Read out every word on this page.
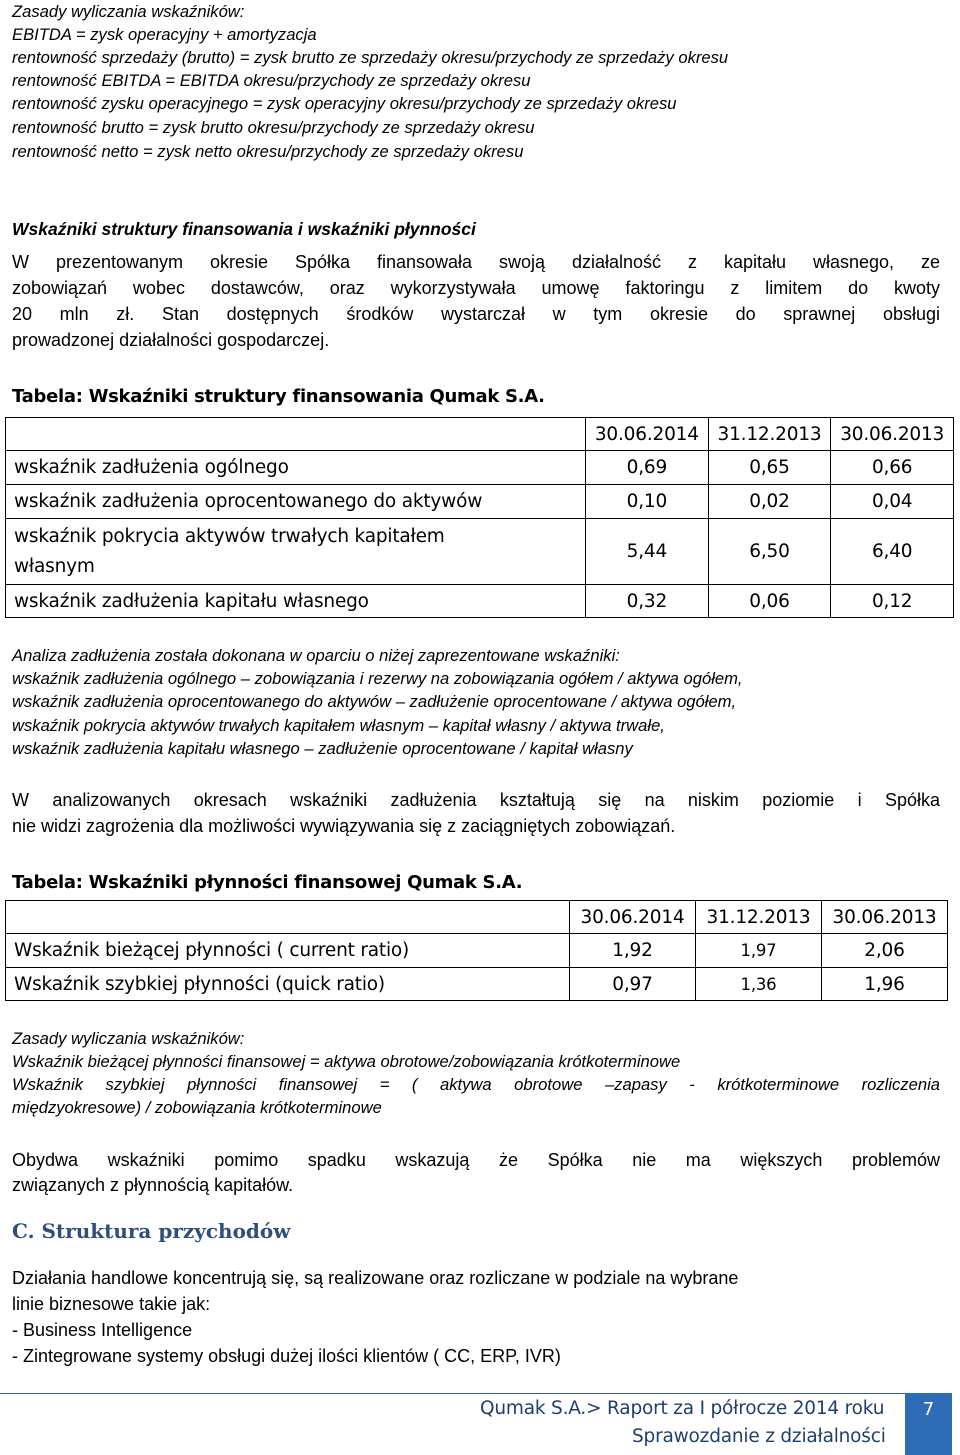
Zasady wyliczania wskaźników:
EBITDA = zysk operacyjny + amortyzacja
rentowność sprzedaży (brutto) = zysk brutto ze sprzedaży okresu/przychody ze sprzedaży okresu
rentowność EBITDA = EBITDA okresu/przychody ze sprzedaży okresu
rentowność zysku operacyjnego = zysk operacyjny okresu/przychody ze sprzedaży okresu
rentowność brutto = zysk brutto okresu/przychody ze sprzedaży okresu
rentowność netto = zysk netto okresu/przychody ze sprzedaży okresu
Wskaźniki struktury finansowania i wskaźniki płynności
W prezentowanym okresie Spółka finansowała swoją działalność z kapitału własnego, ze
zobowiązań wobec dostawców, oraz wykorzystywała umowę faktoringu z limitem do kwoty
20 mln zł. Stan dostępnych środków wystarczał w tym okresie do sprawnej obsługi
prowadzonej działalności gospodarczej.
Tabela: Wskaźniki struktury finansowania Qumak S.A.
	30.06.2014	31.12.2013	30.06.2013
wskaźnik zadłużenia ogólnego	0,69	0,65	0,66
wskaźnik zadłużenia oprocentowanego do aktywów	0,10	0,02	0,04

wskaźnik pokrycia aktywów trwałych kapitałem
własnym	5,44	6,50	6,40
wskaźnik zadłużenia kapitału własnego	0,32	0,06	0,12
Analiza zadłużenia została dokonana w oparciu o niżej zaprezentowane wskaźniki:
wskaźnik zadłużenia ogólnego – zobowiązania i rezerwy na zobowiązania ogółem / aktywa ogółem,
wskaźnik zadłużenia oprocentowanego do aktywów – zadłużenie oprocentowane / aktywa ogółem,
wskaźnik pokrycia aktywów trwałych kapitałem własnym – kapitał własny / aktywa trwałe,
wskaźnik zadłużenia kapitału własnego – zadłużenie oprocentowane / kapitał własny
W analizowanych okresach wskaźniki zadłużenia kształtują się na niskim poziomie i Spółka
nie widzi zagrożenia dla możliwości wywiązywania się z zaciągniętych zobowiązań.
Tabela: Wskaźniki płynności finansowej Qumak S.A.
	30.06.2014	31.12.2013	30.06.2013
Wskaźnik bieżącej płynności ( current ratio)	1,92	1,97	2,06
Wskaźnik szybkiej płynności (quick ratio)	0,97	1,36	1,96
Zasady wyliczania wskaźników:
Wskaźnik bieżącej płynności finansowej = aktywa obrotowe/zobowiązania krótkoterminowe
Wskaźnik szybkiej płynności finansowej = ( aktywa obrotowe –zapasy - krótkoterminowe rozliczenia
międzyokresowe) / zobowiązania krótkoterminowe
Obydwa wskaźniki pomimo spadku wskazują że Spółka nie ma większych problemów
związanych z płynnością kapitałów.
C. Struktura przychodów
Działania handlowe koncentrują się, są realizowane oraz rozliczane w podziale na wybrane
linie biznesowe takie jak:
- Business Intelligence
- Zintegrowane systemy obsługi dużej ilości klientów ( CC, ERP, IVR)
Qumak S.A.> Raport za I półrocze 2014 roku
Sprawozdanie z działalności
7
